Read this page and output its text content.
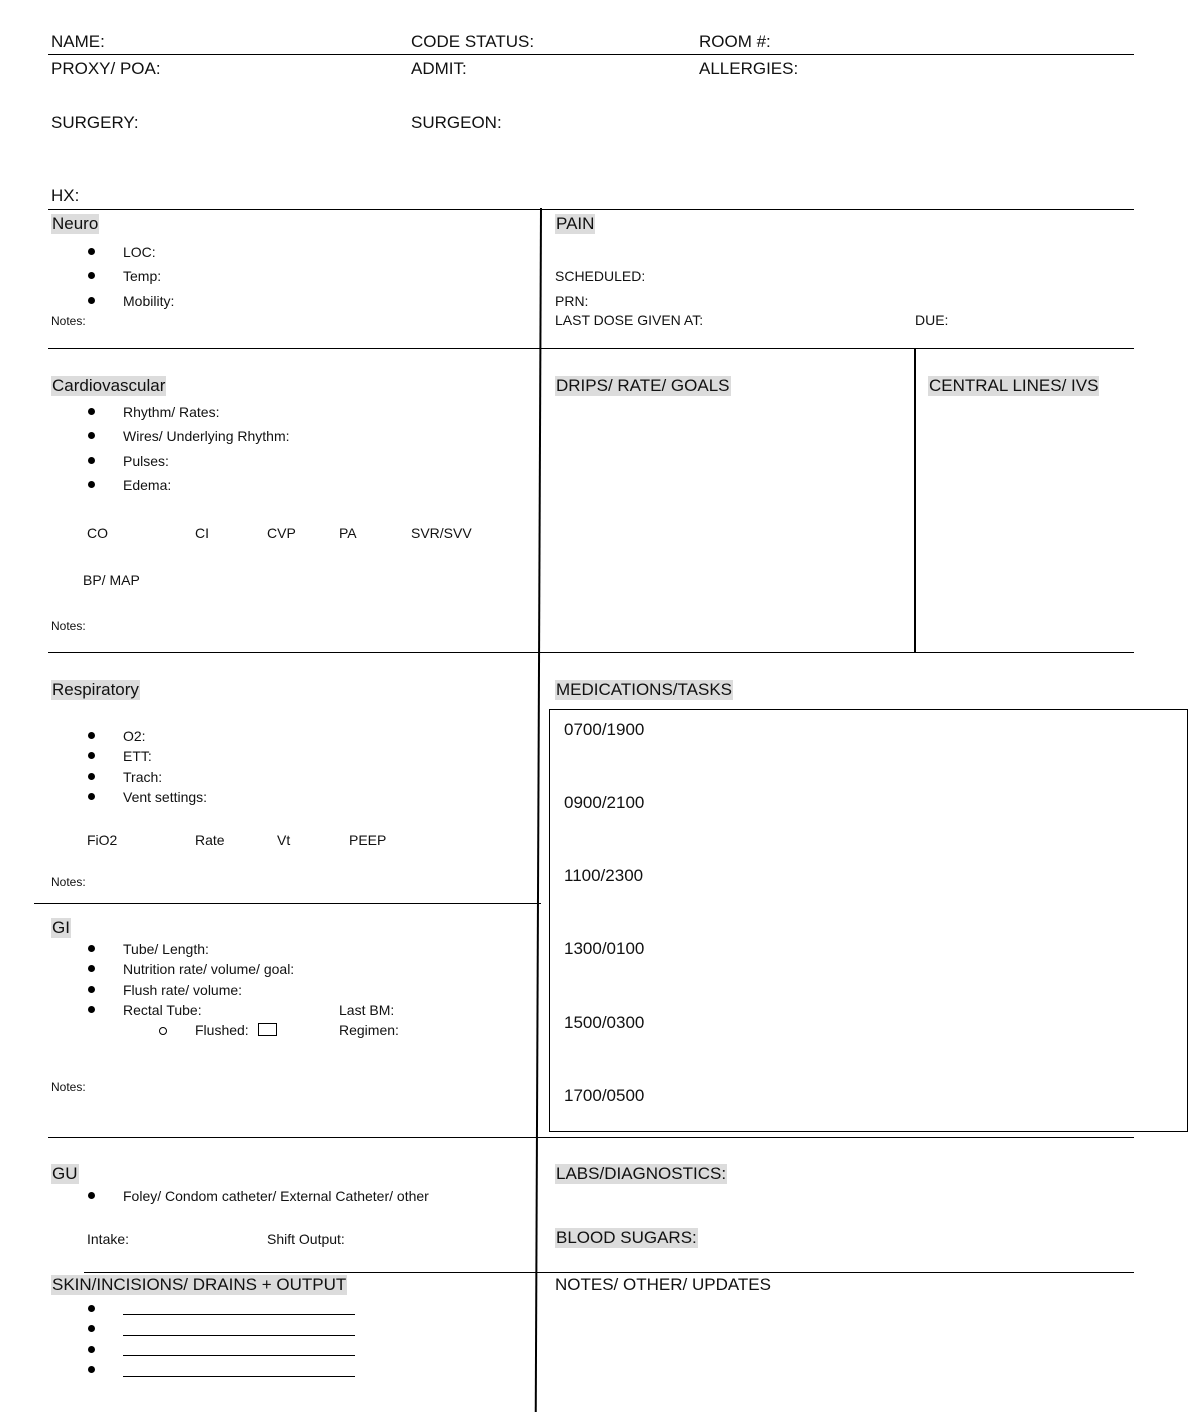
NAME:	CODE STATUS:	ROOM #:
PROXY/ POA:	ADMIT:	ALLERGIES:
SURGERY:	SURGEON:
HX:
Neuro
LOC:
Temp:
Mobility:
Notes:
PAIN
SCHEDULED:
PRN:
LAST DOSE GIVEN AT:	DUE:
Cardiovascular
Rhythm/ Rates:
Wires/ Underlying Rhythm:
Pulses:
Edema:
CO	CI	CVP	PA	SVR/SVV
BP/ MAP
Notes:
DRIPS/ RATE/ GOALS	CENTRAL LINES/ IVS
Respiratory
O2:
ETT:
Trach:
Vent settings:
FiO2	Rate	Vt	PEEP
Notes:
MEDICATIONS/TASKS
0700/1900
0900/2100
1100/2300
1300/0100
1500/0300
1700/0500
GI
Tube/ Length:
Nutrition rate/ volume/ goal:
Flush rate/ volume:
Rectal Tube:	Last BM:
Flushed:	Regimen:
Notes:
GU
Foley/ Condom catheter/ External Catheter/ other
Intake:	Shift Output:
LABS/DIAGNOSTICS:
BLOOD SUGARS:
SKIN/INCISIONS/ DRAINS + OUTPUT	NOTES/ OTHER/ UPDATES
